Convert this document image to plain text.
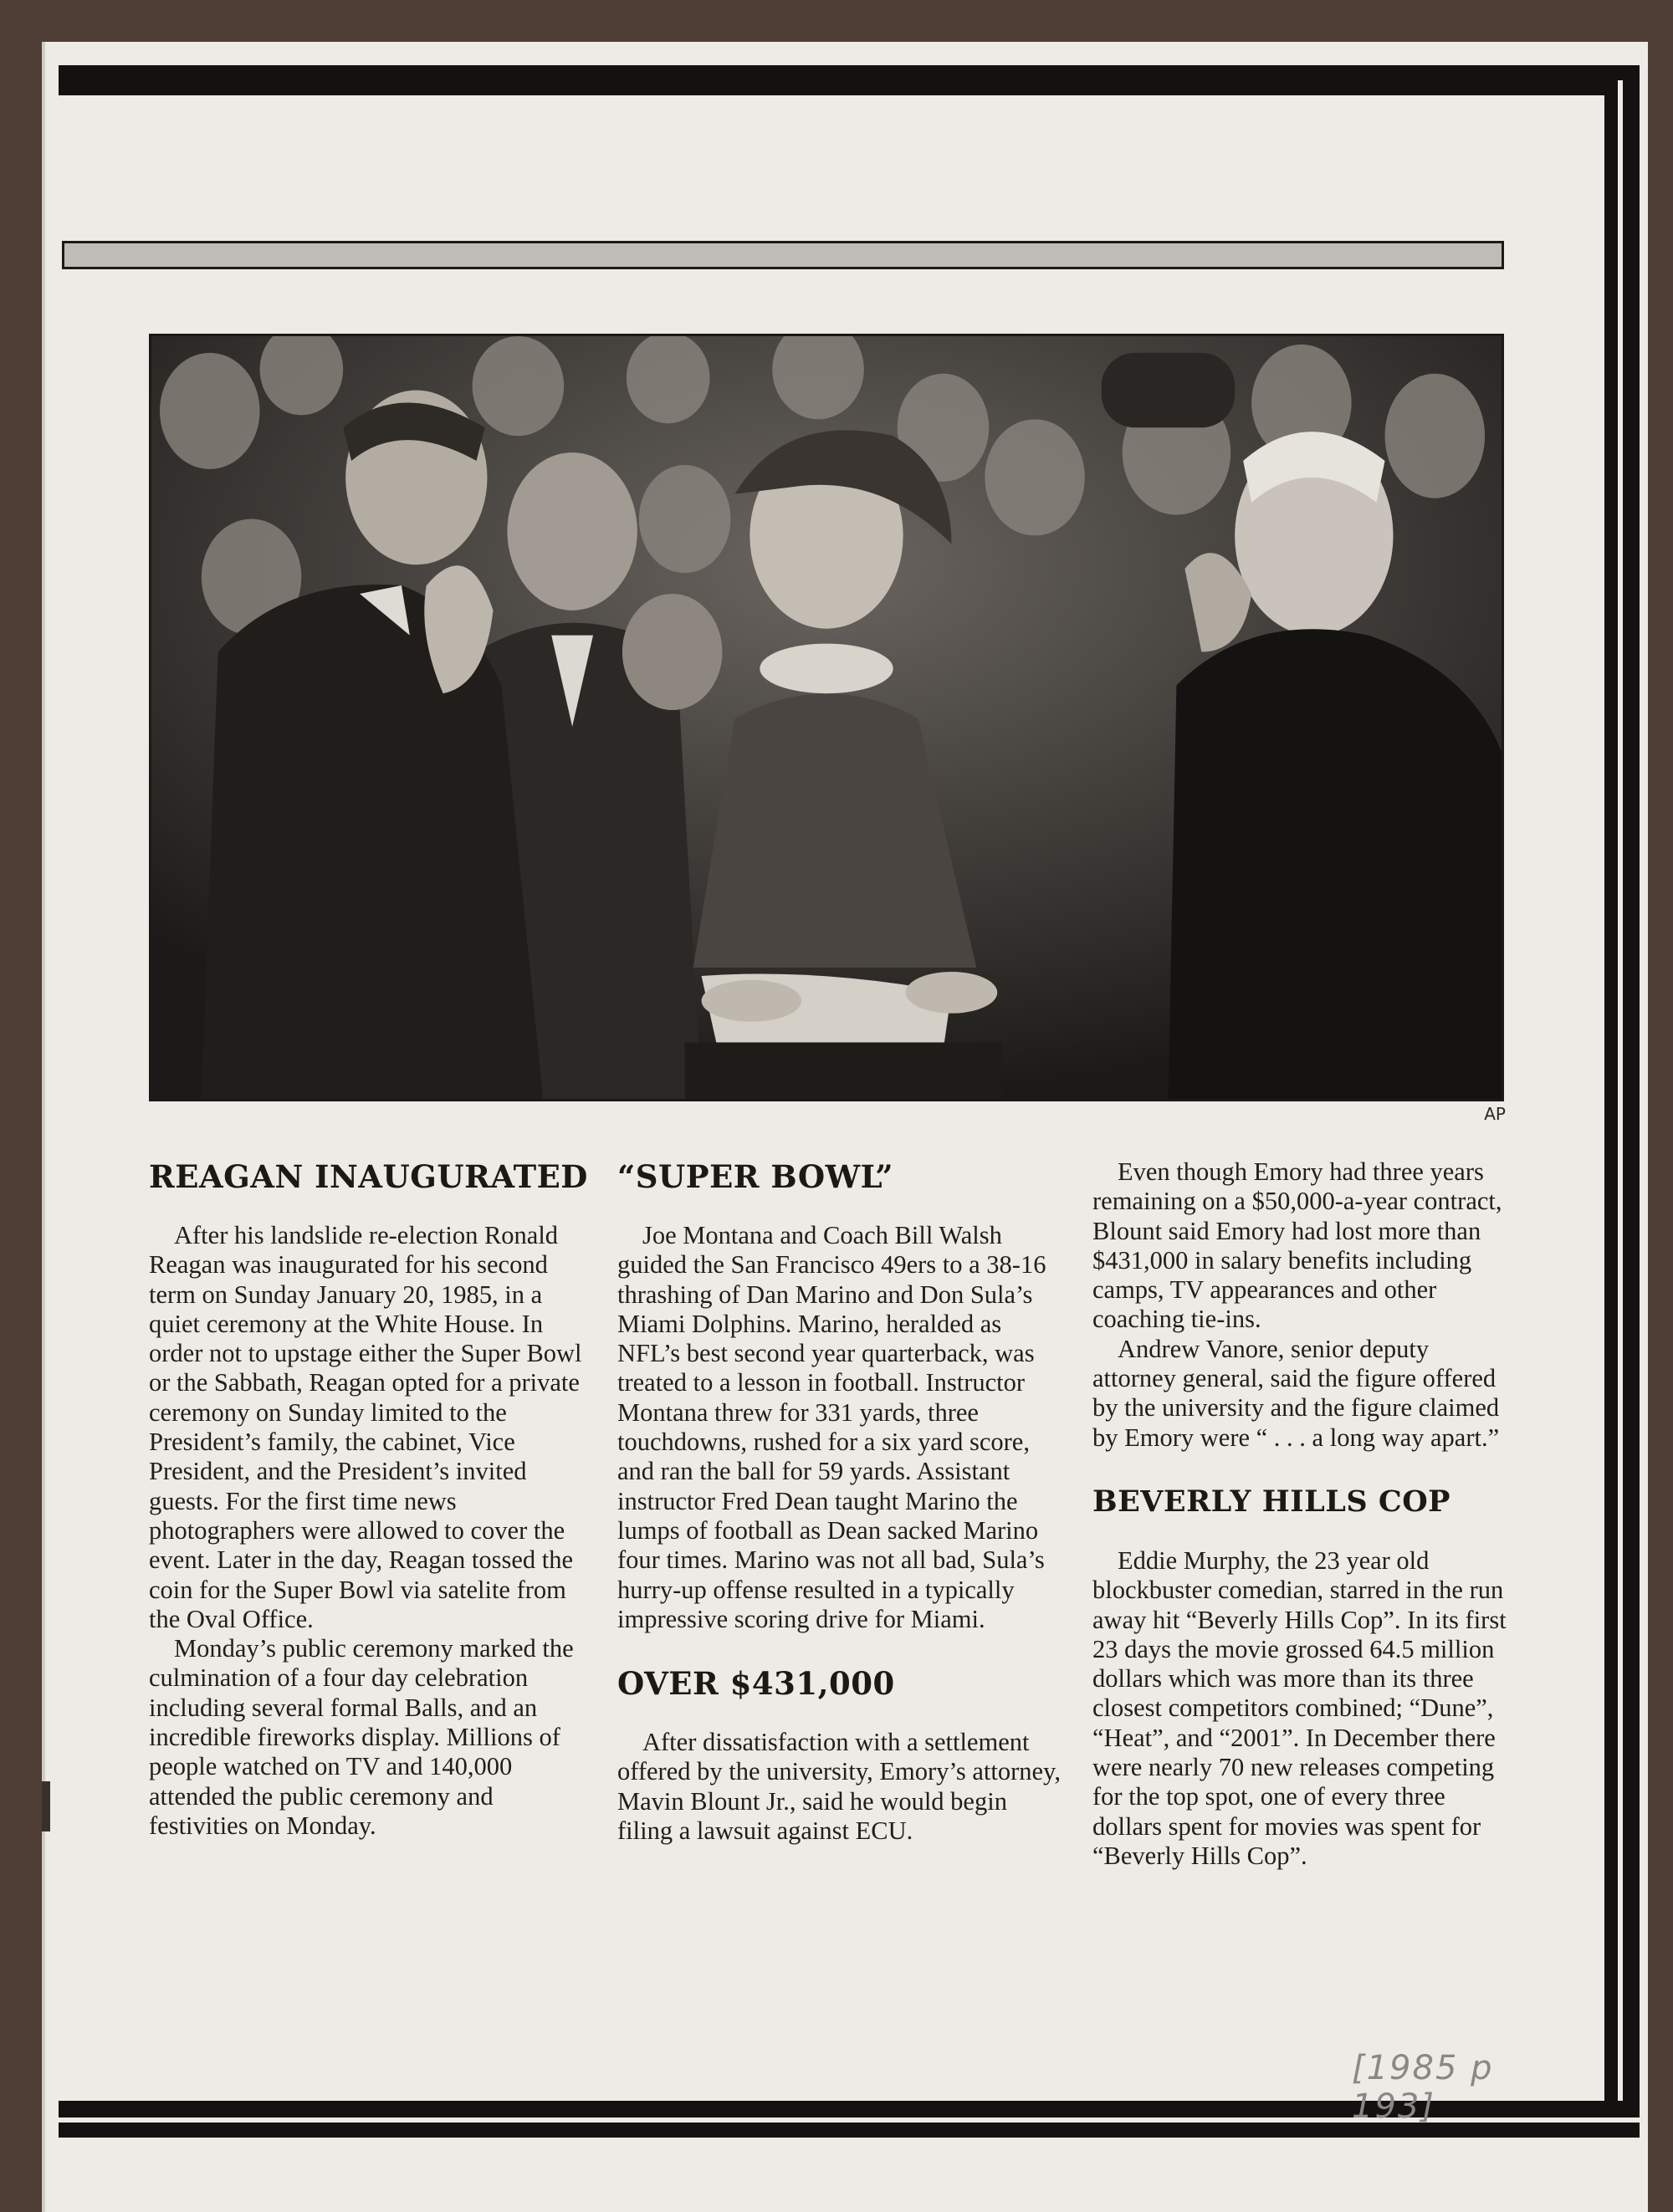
AP
REAGAN INAUGURATED

After his landslide re-election Ronald Reagan was inaugurated for his second term on Sunday January 20, 1985, in a quiet ceremony at the White House. In order not to upstage either the Super Bowl or the Sabbath, Reagan opted for a private ceremony on Sunday limited to the President’s family, the cabinet, Vice President, and the President’s invited guests. For the first time news photographers were allowed to cover the event. Later in the day, Reagan tossed the coin for the Super Bowl via satelite from the Oval Office.

Monday’s public ceremony marked the culmination of a four day celebration including several formal Balls, and an incredible fireworks display. Millions of people watched on TV and 140,000 attended the public ceremony and festivities on Monday.

“SUPER BOWL”

Joe Montana and Coach Bill Walsh guided the San Francisco 49ers to a 38-16 thrashing of Dan Marino and Don Sula’s Miami Dolphins. Marino, heralded as NFL’s best second year quarterback, was treated to a lesson in football. Instructor Montana threw for 331 yards, three touchdowns, rushed for a six yard score, and ran the ball for 59 yards. Assistant instructor Fred Dean taught Marino the lumps of football as Dean sacked Marino four times. Marino was not all bad, Sula’s hurry-up offense resulted in a typically impressive scoring drive for Miami.

OVER $431,000

After dissatisfaction with a settlement offered by the university, Emory’s attorney, Mavin Blount Jr., said he would begin filing a lawsuit against ECU.

Even though Emory had three years remaining on a $50,000-a-year contract, Blount said Emory had lost more than $431,000 in salary benefits including camps, TV appearances and other coaching tie-ins.

Andrew Vanore, senior deputy attorney general, said the figure offered by the university and the figure claimed by Emory were “ . . . a long way apart.”

BEVERLY HILLS COP

Eddie Murphy, the 23 year old blockbuster comedian, starred in the run away hit “Beverly Hills Cop”. In its first 23 days the movie grossed 64.5 million dollars which was more than its three closest competitors combined; “Dune”, “Heat”, and “2001”. In December there were nearly 70 new releases competing for the top spot, one of every three dollars spent for movies was spent for “Beverly Hills Cop”.

[1985 p 193]
